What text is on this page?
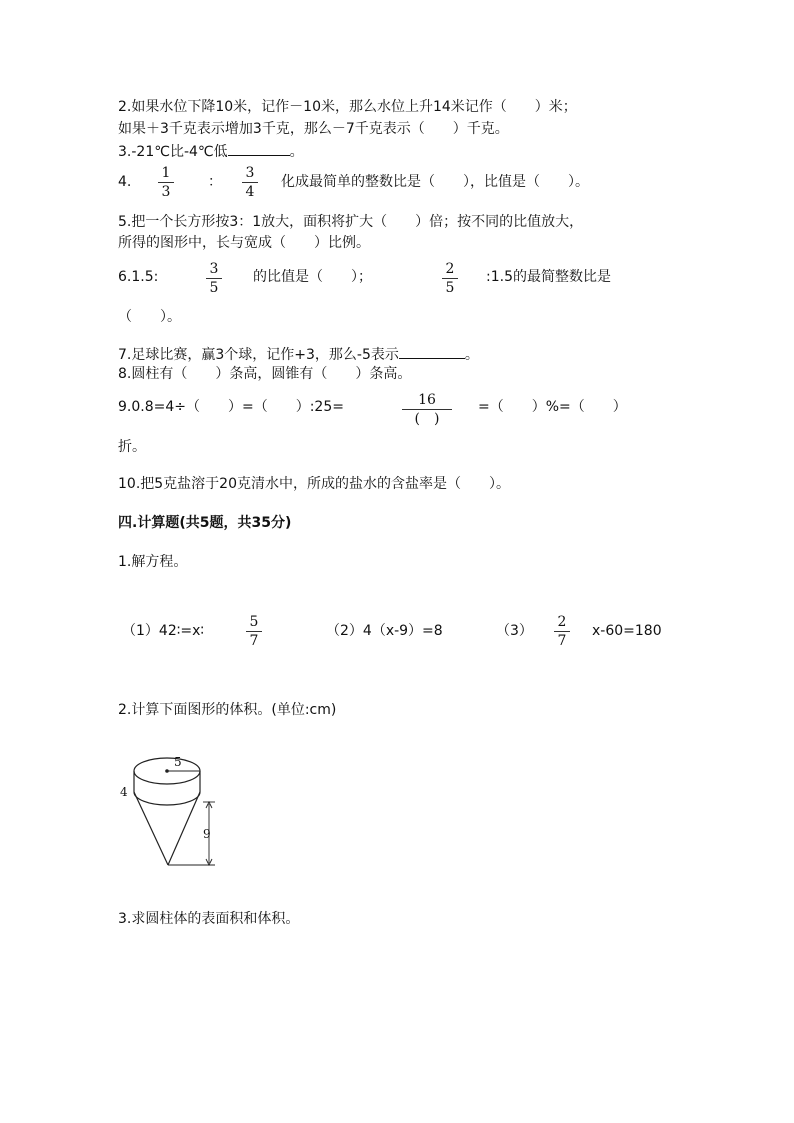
2.如果水位下降10米，记作－10米，那么水位上升14米记作（　　）米；
如果＋3千克表示增加3千克，那么－7千克表示（　　）千克。
3.-21℃比-4℃低	。
4.
1
3
：
3
4
化成最简单的整数比是（　　），比值是（　　）。
5.把一个长方形按3：1放大，面积将扩大（　　）倍；按不同的比值放大，
所得的图形中，长与宽成（　　）比例。
6.1.5:	3
5
的比值是（　　）；	2
5
:1.5的最简整数比是
（　　）。
7.足球比赛，赢3个球，记作+3，那么-5表示	。
8.圆柱有（　　）条高，圆锥有（　　）条高。
9.0.8=4÷（　　）=（　　）:25=	16
(　)
=（　　）%=（　　）
折。
10.把5克盐溶于20克清水中，所成的盐水的含盐率是（　　）。
四.计算题(共5题，共35分)
1.解方程。
（1）42∶=x∶
5
7
（2）4（x-9）=8	（3）
2
7
x-60=180
2.计算下面图形的体积。(单位:cm)
5
4
9
3.求圆柱体的表面积和体积。
